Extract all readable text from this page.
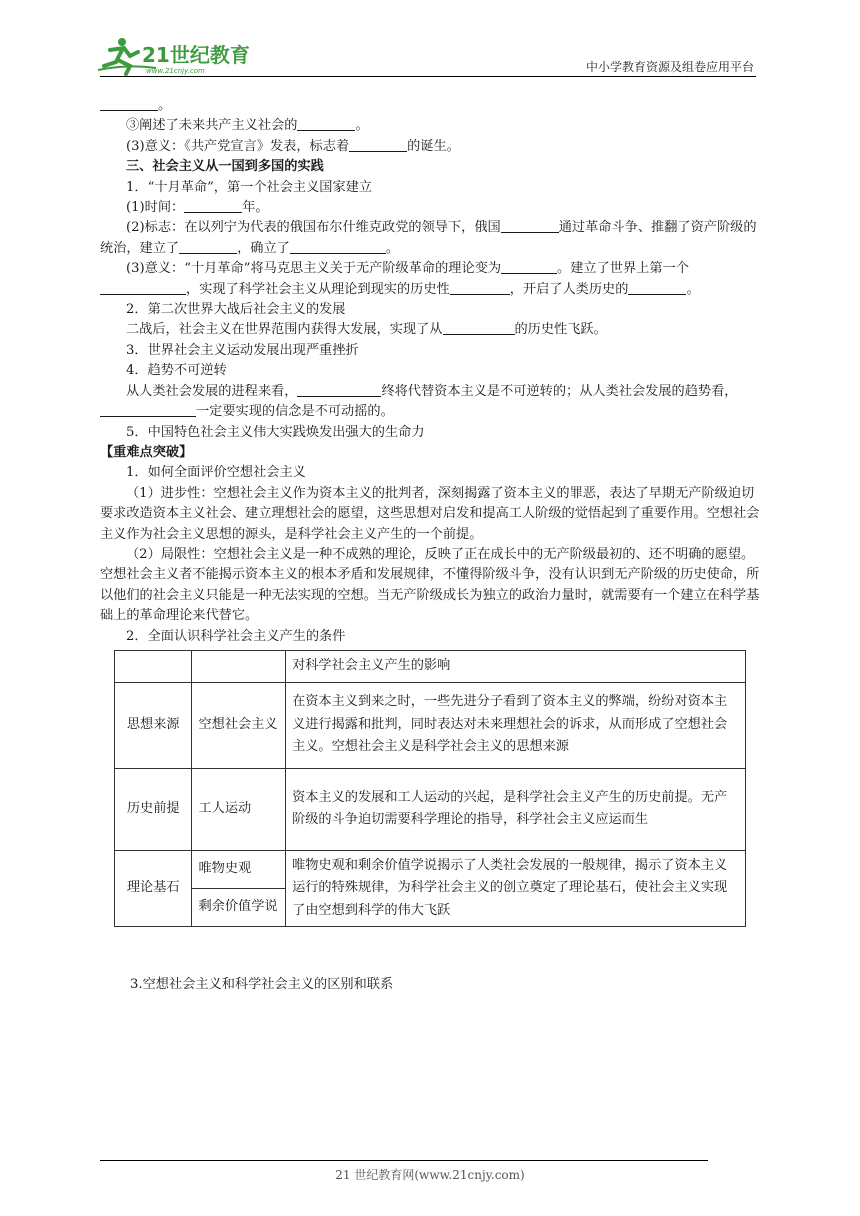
21世纪教育
www.21cnjy.com	中小学教育资源及组卷应用平台

。

③阐述了未来共产主义社会的	。

(3)意义：《共产党宣言》发表，标志着	的诞生。

三、社会主义从一国到多国的实践

1．“十月革命”，第一个社会主义国家建立

(1)时间：	年。

(2)标志：在以列宁为代表的俄国布尔什维克政党的领导下，俄国	通过革命斗争、推翻了资产阶级的统治，建立了	，确立了	。

(3)意义：“十月革命”将马克思主义关于无产阶级革命的理论变为	。建立了世界上第一个，实现了科学社会主义从理论到现实的历史性	，开启了人类历史的	。

2．第二次世界大战后社会主义的发展

二战后，社会主义在世界范围内获得大发展，实现了从	的历史性飞跃。

3．世界社会主义运动发展出现严重挫折

4．趋势不可逆转

从人类社会发展的进程来看，	终将代替资本主义是不可逆转的；从人类社会发展的趋势看，一定要实现的信念是不可动摇的。

5．中国特色社会主义伟大实践焕发出强大的生命力

【重难点突破】

1．如何全面评价空想社会主义

（1）进步性：空想社会主义作为资本主义的批判者，深刻揭露了资本主义的罪恶，表达了早期无产阶级迫切要求改造资本主义社会、建立理想社会的愿望，这些思想对启发和提高工人阶级的觉悟起到了重要作用。空想社会主义作为社会主义思想的源头，是科学社会主义产生的一个前提。

（2）局限性：空想社会主义是一种不成熟的理论，反映了正在成长中的无产阶级最初的、还不明确的愿望。空想社会主义者不能揭示资本主义的根本矛盾和发展规律，不懂得阶级斗争，没有认识到无产阶级的历史使命，所以他们的社会主义只能是一种无法实现的空想。当无产阶级成长为独立的政治力量时，就需要有一个建立在科学基础上的革命理论来代替它。

2．全面认识科学社会主义产生的条件

		对科学社会主义产生的影响
思想来源	空想社会主义	在资本主义到来之时，一些先进分子看到了资本主义的弊端，纷纷对资本主义进行揭露和批判，同时表达对未来理想社会的诉求，从而形成了空想社会主义。空想社会主义是科学社会主义的思想来源
历史前提	工人运动	资本主义的发展和工人运动的兴起，是科学社会主义产生的历史前提。无产阶级的斗争迫切需要科学理论的指导，科学社会主义应运而生
理论基石	唯物史观	唯物史观和剩余价值学说揭示了人类社会发展的一般规律，揭示了资本主义运行的特殊规律，为科学社会主义的创立奠定了理论基石，使社会主义实现了由空想到科学的伟大飞跃
	剩余价值学说	
3.空想社会主义和科学社会主义的区别和联系
21 世纪教育网(www.21cnjy.com)
